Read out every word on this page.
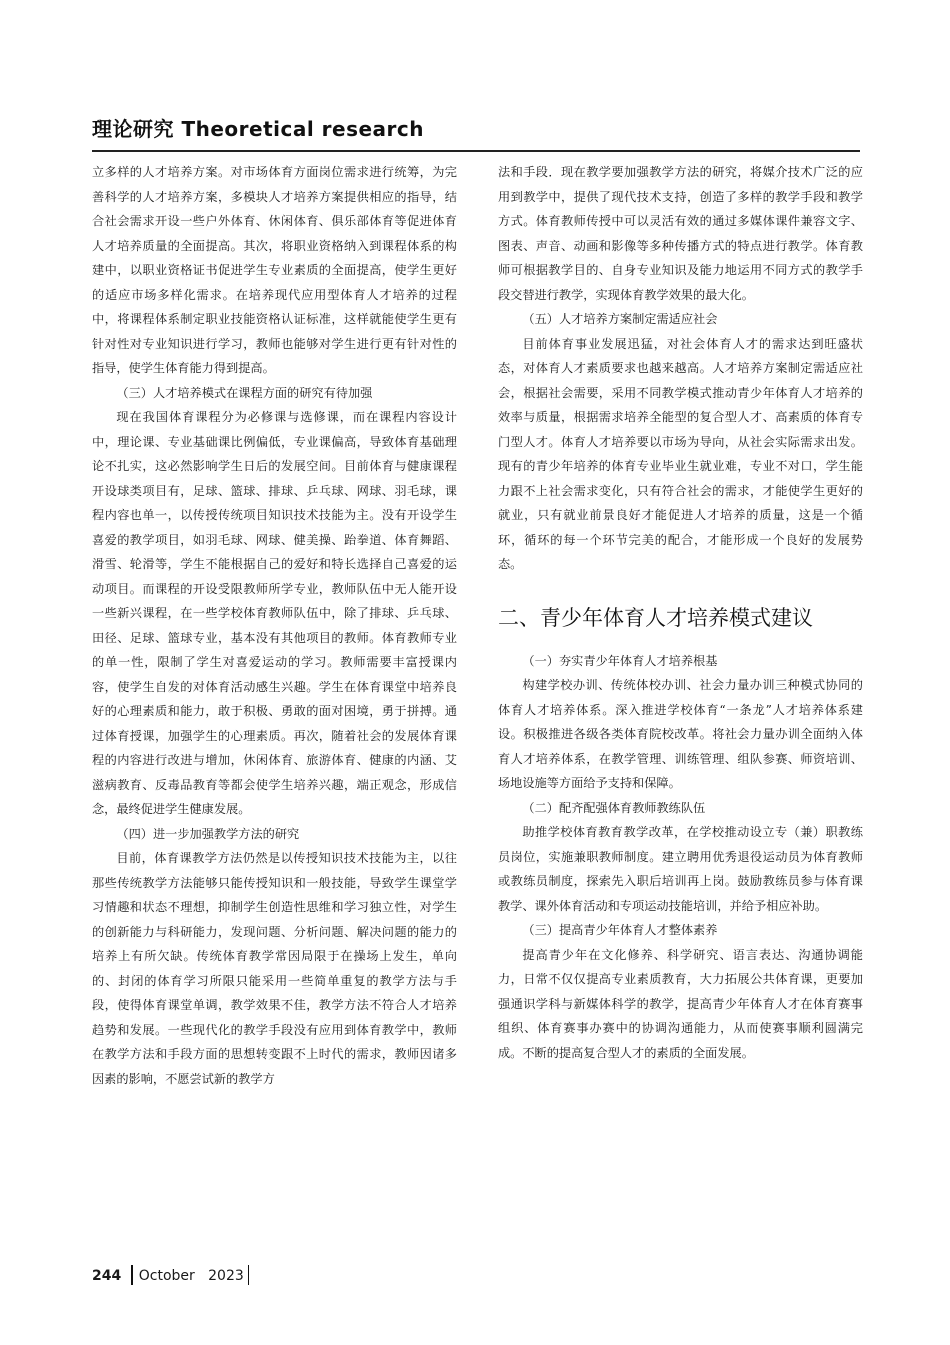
理论研究 Theoretical research

立多样的人才培养方案。对市场体育方面岗位需求进行统筹，为完善科学的人才培养方案，多模块人才培养方案提供相应的指导，结合社会需求开设一些户外体育、休闲体育、俱乐部体育等促进体育人才培养质量的全面提高。其次，将职业资格纳入到课程体系的构建中，以职业资格证书促进学生专业素质的全面提高，使学生更好的适应市场多样化需求。在培养现代应用型体育人才培养的过程中，将课程体系制定职业技能资格认证标准，这样就能使学生更有针对性对专业知识进行学习，教师也能够对学生进行更有针对性的指导，使学生体育能力得到提高。

（三）人才培养模式在课程方面的研究有待加强

现在我国体育课程分为必修课与选修课，而在课程内容设计中，理论课、专业基础课比例偏低，专业课偏高，导致体育基础理论不扎实，这必然影响学生日后的发展空间。目前体育与健康课程开设球类项目有，足球、篮球、排球、乒乓球、网球、羽毛球，课程内容也单一，以传授传统项目知识技术技能为主。没有开设学生喜爱的教学项目，如羽毛球、网球、健美操、跆拳道、体育舞蹈、滑雪、轮滑等，学生不能根据自己的爱好和特长选择自己喜爱的运动项目。而课程的开设受限教师所学专业，教师队伍中无人能开设一些新兴课程，在一些学校体育教师队伍中，除了排球、乒乓球、田径、足球、篮球专业，基本没有其他项目的教师。体育教师专业的单一性，限制了学生对喜爱运动的学习。教师需要丰富授课内容，使学生自发的对体育活动感生兴趣。学生在体育课堂中培养良好的心理素质和能力，敢于积极、勇敢的面对困境，勇于拼搏。通过体育授课，加强学生的心理素质。再次，随着社会的发展体育课程的内容进行改进与增加，休闲体育、旅游体育、健康的内涵、艾滋病教育、反毒品教育等都会使学生培养兴趣，端正观念，形成信念，最终促进学生健康发展。

（四）进一步加强教学方法的研究

目前，体育课教学方法仍然是以传授知识技术技能为主，以往那些传统教学方法能够只能传授知识和一般技能，导致学生课堂学习情趣和状态不理想，抑制学生创造性思维和学习独立性，对学生的创新能力与科研能力，发现问题、分析问题、解决问题的能力的培养上有所欠缺。传统体育教学常因局限于在操场上发生，单向的、封闭的体育学习所限只能采用一些简单重复的教学方法与手段，使得体育课堂单调，教学效果不佳，教学方法不符合人才培养趋势和发展。一些现代化的教学手段没有应用到体育教学中，教师在教学方法和手段方面的思想转变跟不上时代的需求，教师因诸多因素的影响，不愿尝试新的教学方

法和手段．现在教学要加强教学方法的研究，将媒介技术广泛的应用到教学中，提供了现代技术支持，创造了多样的教学手段和教学方式。体育教师传授中可以灵活有效的通过多媒体课件兼容文字、图表、声音、动画和影像等多种传播方式的特点进行教学。体育教师可根据教学目的、自身专业知识及能力地运用不同方式的教学手段交替进行教学，实现体育教学效果的最大化。

（五）人才培养方案制定需适应社会

目前体育事业发展迅猛，对社会体育人才的需求达到旺盛状态，对体育人才素质要求也越来越高。人才培养方案制定需适应社会，根据社会需要，采用不同教学模式推动青少年体育人才培养的效率与质量，根据需求培养全能型的复合型人才、高素质的体育专门型人才。体育人才培养要以市场为导向，从社会实际需求出发。现有的青少年培养的体育专业毕业生就业难，专业不对口，学生能力跟不上社会需求变化，只有符合社会的需求，才能使学生更好的就业，只有就业前景良好才能促进人才培养的质量，这是一个循环，循环的每一个环节完美的配合，才能形成一个良好的发展势态。

二、青少年体育人才培养模式建议

（一）夯实青少年体育人才培养根基

构建学校办训、传统体校办训、社会力量办训三种模式协同的体育人才培养体系。深入推进学校体育“一条龙”人才培养体系建设。积极推进各级各类体育院校改革。将社会力量办训全面纳入体育人才培养体系，在教学管理、训练管理、组队参赛、师资培训、场地设施等方面给予支持和保障。

（二）配齐配强体育教师教练队伍

助推学校体育教育教学改革，在学校推动设立专（兼）职教练员岗位，实施兼职教师制度。建立聘用优秀退役运动员为体育教师或教练员制度，探索先入职后培训再上岗。鼓励教练员参与体育课教学、课外体育活动和专项运动技能培训，并给予相应补助。

（三）提高青少年体育人才整体素养

提高青少年在文化修养、科学研究、语言表达、沟通协调能力，日常不仅仅提高专业素质教育，大力拓展公共体育课，更要加强通识学科与新媒体科学的教学，提高青少年体育人才在体育赛事组织、体育赛事办赛中的协调沟通能力，从而使赛事顺利圆满完成。不断的提高复合型人才的素质的全面发展。

244 October 2023
